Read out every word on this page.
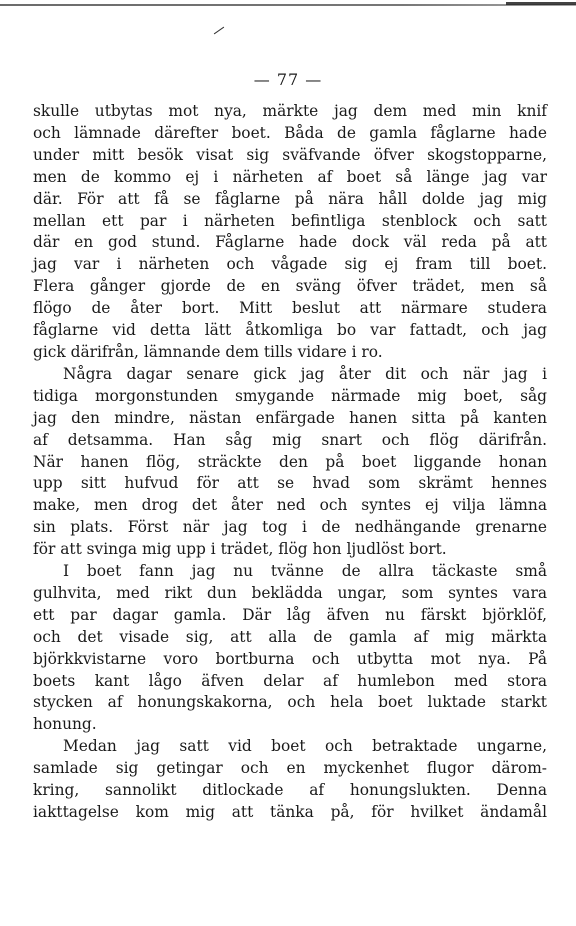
— 77 —

skulle utbytas mot nya, märkte jag dem med min knif
och lämnade därefter boet. Båda de gamla fåglarne hade
under mitt besök visat sig sväfvande öfver skogstopparne,
men de kommo ej i närheten af boet så länge jag var
där. För att få se fåglarne på nära håll dolde jag mig
mellan ett par i närheten befintliga stenblock och satt
där en god stund. Fåglarne hade dock väl reda på att
jag var i närheten och vågade sig ej fram till boet.
Flera gånger gjorde de en sväng öfver trädet, men så
flögo de åter bort. Mitt beslut att närmare studera
fåglarne vid detta lätt åtkomliga bo var fattadt, och jag
gick därifrån, lämnande dem tills vidare i ro.

Några dagar senare gick jag åter dit och när jag i
tidiga morgonstunden smygande närmade mig boet, såg
jag den mindre, nästan enfärgade hanen sitta på kanten
af detsamma. Han såg mig snart och flög därifrån.
När hanen flög, sträckte den på boet liggande honan
upp sitt hufvud för att se hvad som skrämt hennes
make, men drog det åter ned och syntes ej vilja lämna
sin plats. Först när jag tog i de nedhängande grenarne
för att svinga mig upp i trädet, flög hon ljudlöst bort.

I boet fann jag nu tvänne de allra täckaste små
gulhvita, med rikt dun beklädda ungar, som syntes vara
ett par dagar gamla. Där låg äfven nu färskt björklöf,
och det visade sig, att alla de gamla af mig märkta
björkkvistarne voro bortburna och utbytta mot nya. På
boets kant lågo äfven delar af humlebon med stora
stycken af honungskakorna, och hela boet luktade starkt
honung.

Medan jag satt vid boet och betraktade ungarne,
samlade sig getingar och en myckenhet flugor därom-
kring, sannolikt ditlockade af honungslukten. Denna
iakttagelse kom mig att tänka på, för hvilket ändamål
